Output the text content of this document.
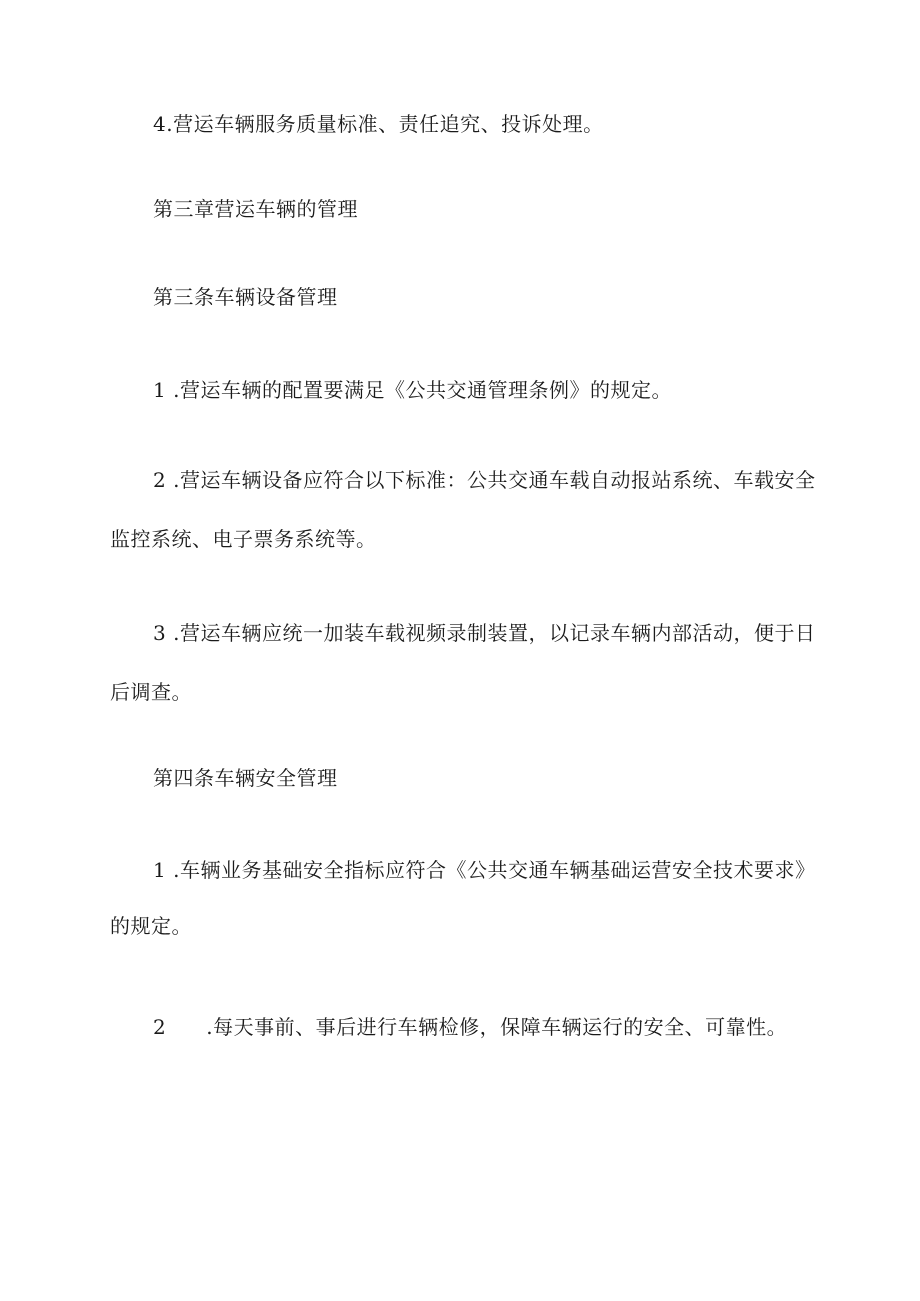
4.营运车辆服务质量标准、责任追究、投诉处理。

第三章营运车辆的管理

第三条车辆设备管理

1 .营运车辆的配置要满足《公共交通管理条例》的规定。

2 .营运车辆设备应符合以下标准：公共交通车载自动报站系统、车载安全

监控系统、电子票务系统等。

3 .营运车辆应统一加装车载视频录制装置，以记录车辆内部活动，便于日

后调查。

第四条车辆安全管理

1 .车辆业务基础安全指标应符合《公共交通车辆基础运营安全技术要求》

的规定。

2 .每天事前、事后进行车辆检修，保障车辆运行的安全、可靠性。
